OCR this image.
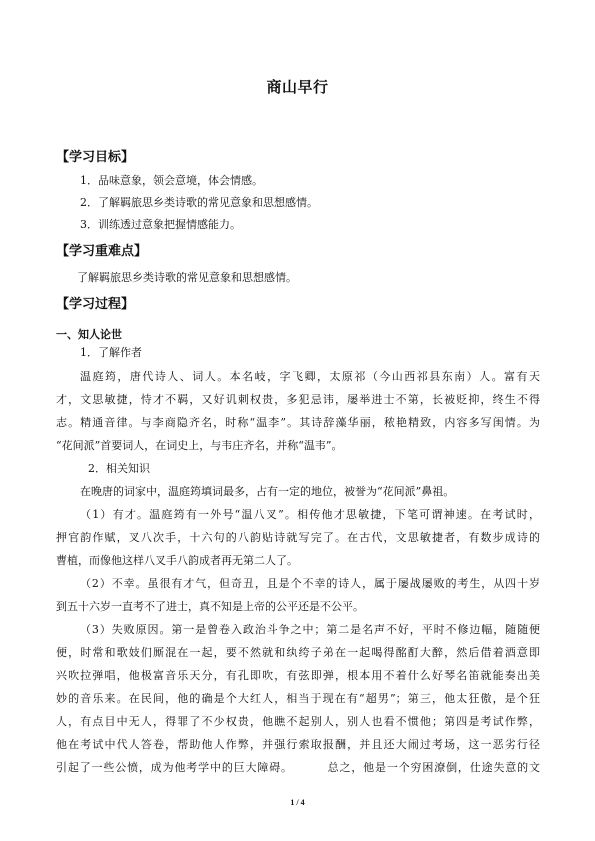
商山早行
【学习目标】
1．品味意象，领会意境，体会情感。
2．了解羁旅思乡类诗歌的常见意象和思想感情。
3．训练透过意象把握情感能力。
【学习重难点】
了解羁旅思乡类诗歌的常见意象和思想感情。
【学习过程】
一、知人论世
1．了解作者
温庭筠，唐代诗人、词人。本名岐，字飞卿，太原祁（今山西祁县东南）人。富有天
才，文思敏捷，恃才不羁，又好讥刺权贵，多犯忌讳，屡举进士不第，长被贬抑，终生不得
志。精通音律。与李商隐齐名，时称“温李”。其诗辞藻华丽，秾艳精致，内容多写闺情。为
“花间派”首要词人，在词史上，与韦庄齐名，并称“温韦”。
2．相关知识
在晚唐的词家中，温庭筠填词最多，占有一定的地位，被誉为“花间派”鼻祖。
（1）有才。温庭筠有一外号“温八叉”。相传他才思敏捷，下笔可谓神速。在考试时，
押官韵作赋，叉八次手，十六句的八韵贴诗就写完了。在古代，文思敏捷者，有数步成诗的
曹植，而像他这样八叉手八韵成者再无第二人了。
（2）不幸。虽很有才气，但奇丑，且是个不幸的诗人，属于屡战屡败的考生，从四十岁
到五十六岁一直考不了进士，真不知是上帝的公平还是不公平。
（3）失败原因。第一是曾卷入政治斗争之中；第二是名声不好，平时不修边幅，随随便
便，时常和歌妓们厮混在一起，要不然就和纨绔子弟在一起喝得酩酊大醉，然后借着酒意即
兴吹拉弹唱，他极富音乐天分，有孔即吹，有弦即弹，根本用不着什么好琴名笛就能奏出美
妙的音乐来。在民间，他的确是个大红人，相当于现在有“超男”；第三，他太狂傲，是个狂
人，有点目中无人，得罪了不少权贵，他瞧不起别人，别人也看不惯他；第四是考试作弊，
他在考试中代人答卷，帮助他人作弊，并强行索取报酬，并且还大闹过考场，这一恶劣行径
引起了一些公愤，成为他考学中的巨大障碍。        总之，他是一个穷困潦倒，仕途失意的文
1 / 4
